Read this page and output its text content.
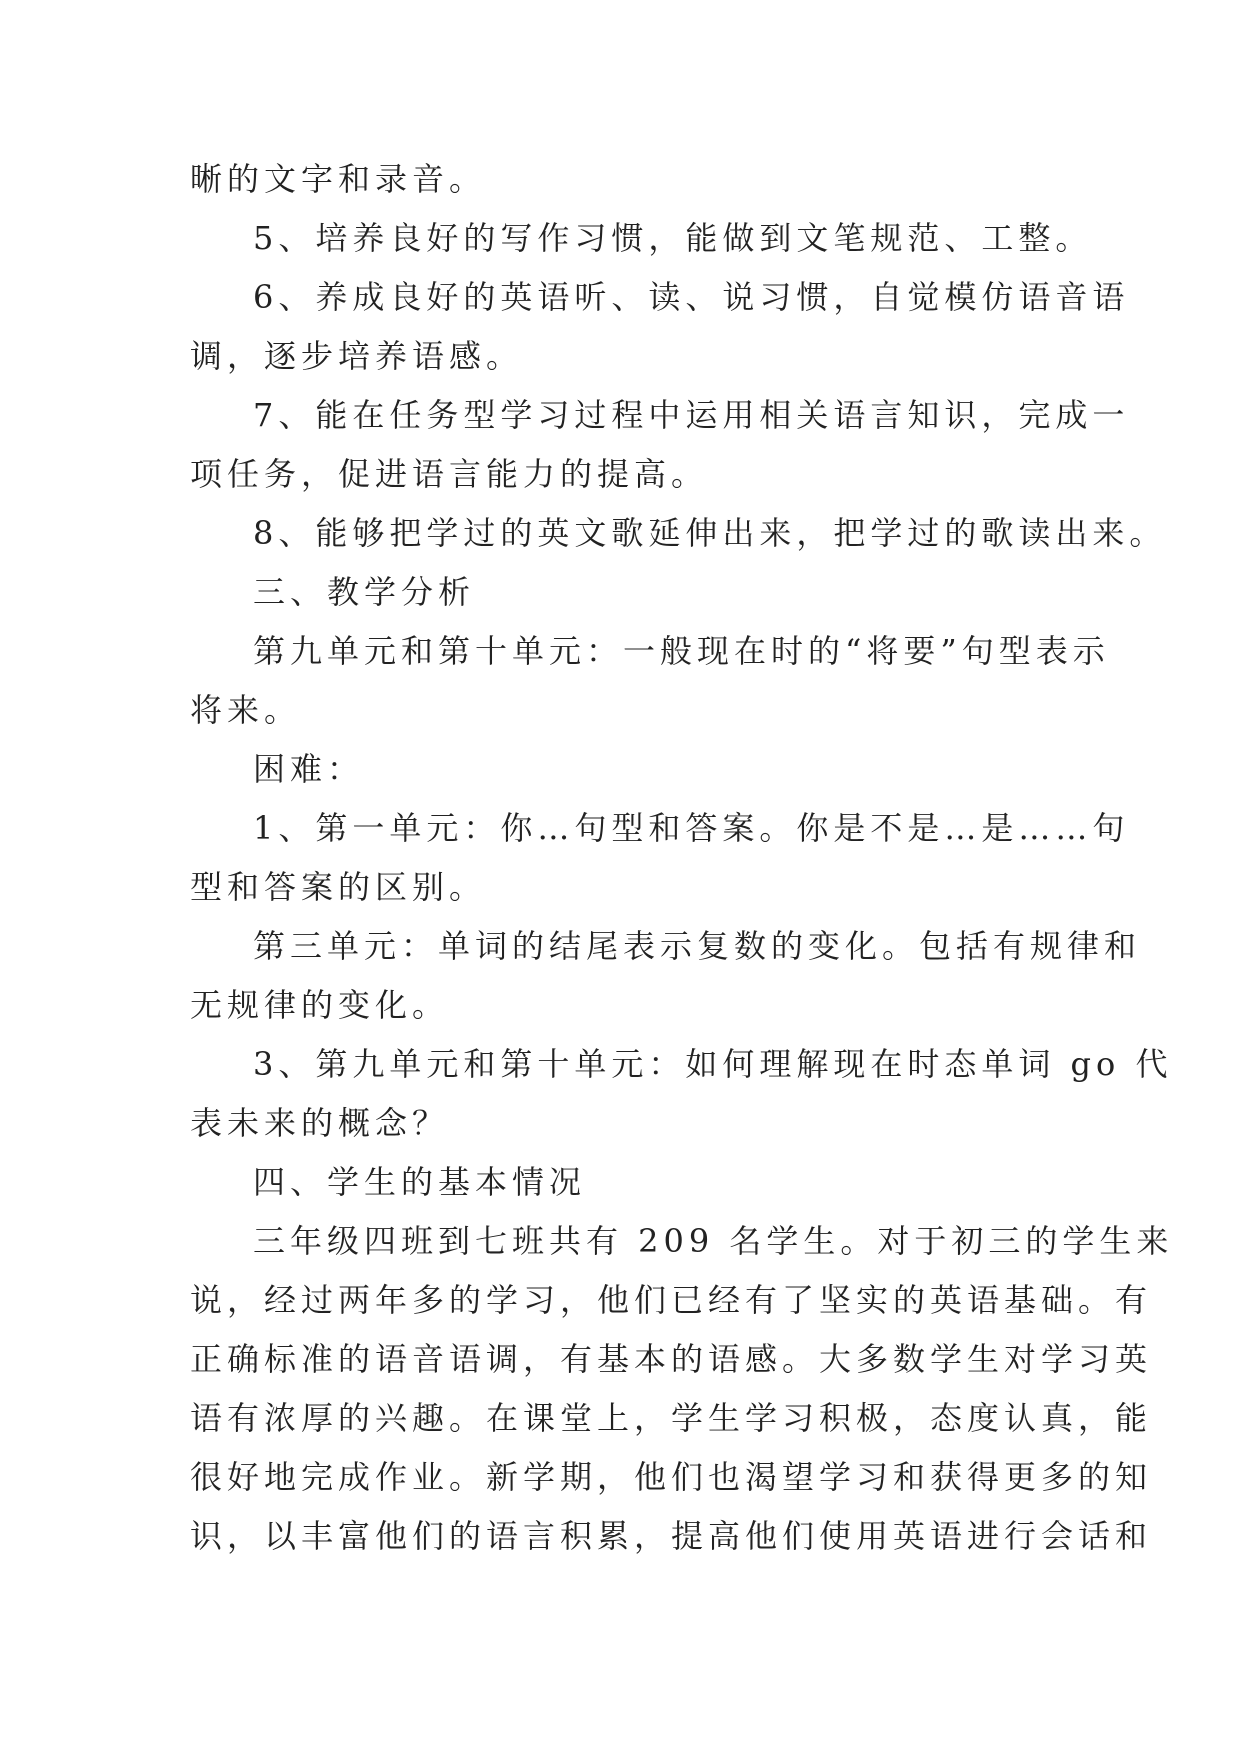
晰的文字和录音。
5、培养良好的写作习惯，能做到文笔规范、工整。
6、养成良好的英语听、读、说习惯，自觉模仿语音语
调，逐步培养语感。
7、能在任务型学习过程中运用相关语言知识，完成一
项任务，促进语言能力的提高。
8、能够把学过的英文歌延伸出来，把学过的歌读出来。
三、教学分析
第九单元和第十单元：一般现在时的“将要”句型表示
将来。
困难：
1、第一单元：你…句型和答案。你是不是…是……句
型和答案的区别。
第三单元：单词的结尾表示复数的变化。包括有规律和
无规律的变化。
3、第九单元和第十单元：如何理解现在时态单词 go 代
表未来的概念？
四、学生的基本情况
三年级四班到七班共有 209 名学生。对于初三的学生来
说，经过两年多的学习，他们已经有了坚实的英语基础。有
正确标准的语音语调，有基本的语感。大多数学生对学习英
语有浓厚的兴趣。在课堂上，学生学习积极，态度认真，能
很好地完成作业。新学期，他们也渴望学习和获得更多的知
识，以丰富他们的语言积累，提高他们使用英语进行会话和
